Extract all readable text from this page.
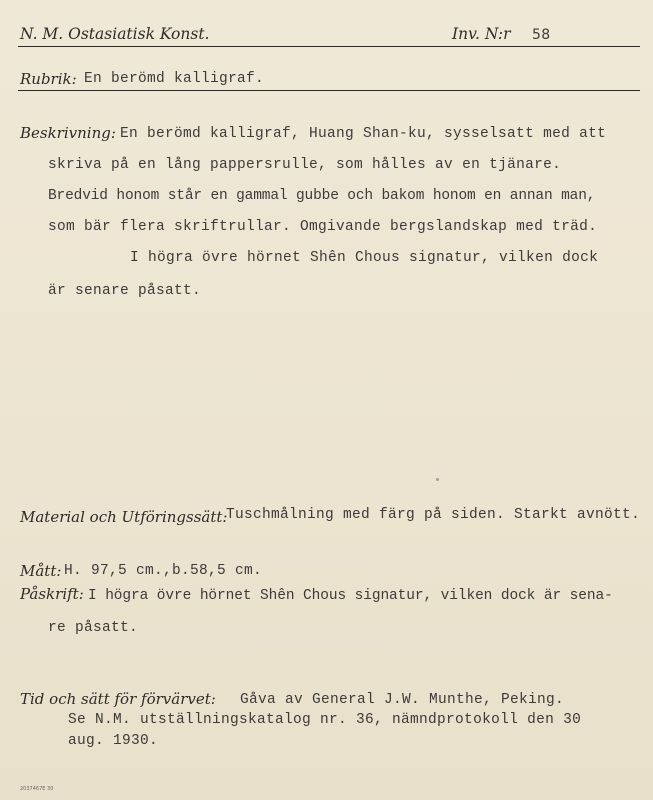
N. M. Ostasiatisk Konst.	Inv. N:r 58
Rubrik: En berömd kalligraf.
Beskrivning: En berömd kalligraf, Huang Shan-ku, sysselsatt med att
skriva på en lång pappersrulle, som hålles av en tjänare.
Bredvid honom står en gammal gubbe och bakom honom en annan man,
som bär flera skriftrullar. Omgivande bergslandskap med träd.
I högra övre hörnet Shên Chous signatur, vilken dock
är senare påsatt.
Material och Utföringssätt:
Tuschmålning med färg på siden. Starkt avnött.
Mått: H. 97,5 cm.,b.58,5 cm.
Påskrift: I högra övre hörnet Shên Chous signatur, vilken dock är sena-
re påsatt.
Tid och sätt för förvärvet: Gåva av General J.W. Munthe, Peking.
Se N.M. utställningskatalog nr. 36, nämndprotokoll den 30
aug. 1930.
2037467E 30
